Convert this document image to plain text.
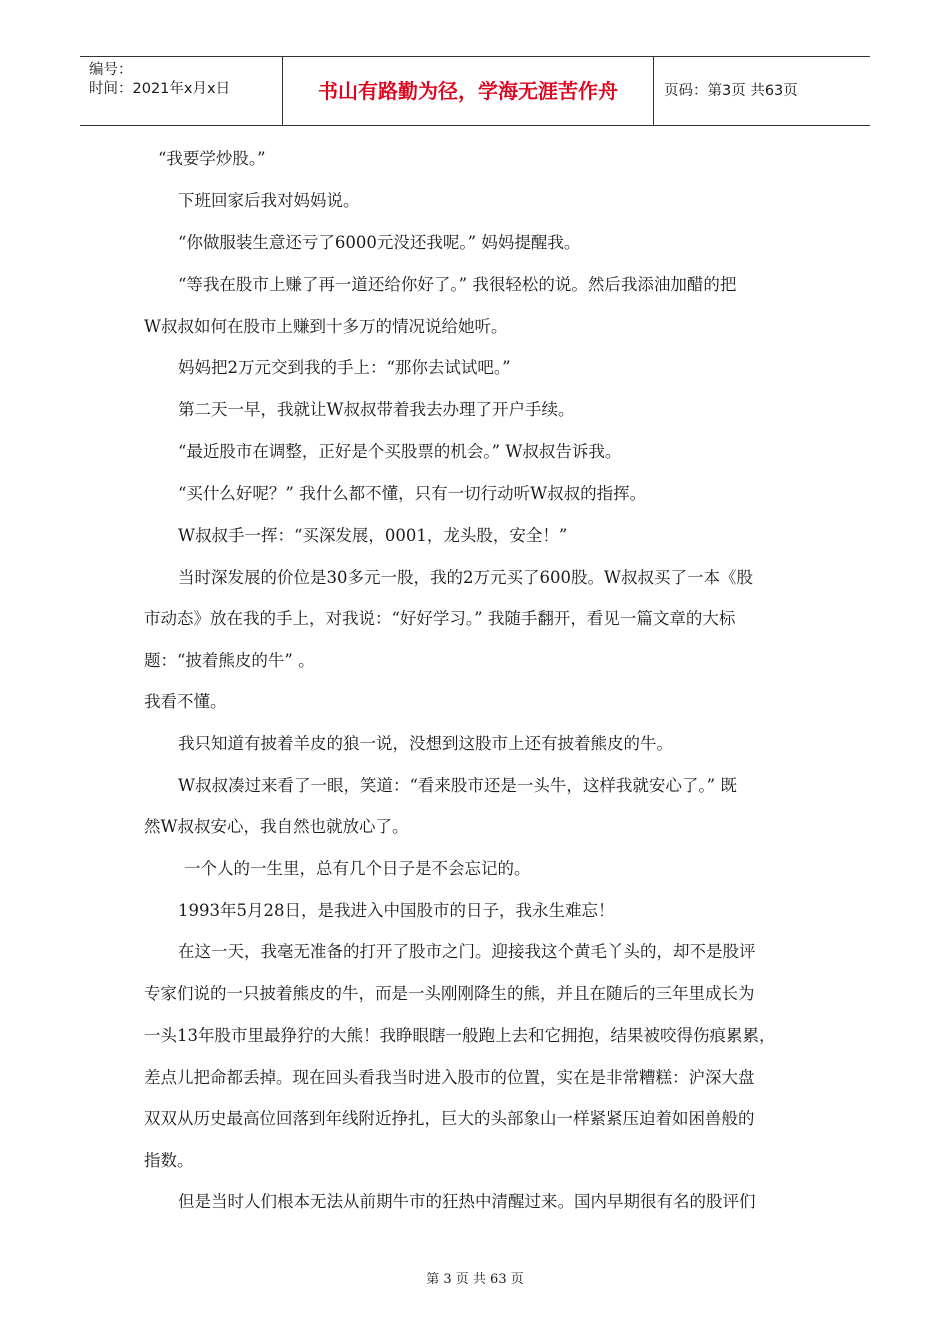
编号：
时间：2021年x月x日	书山有路勤为径，学海无涯苦作舟	页码：第3页 共63页
“我要学炒股。”
下班回家后我对妈妈说。
“你做服装生意还亏了6000元没还我呢。” 妈妈提醒我。
“等我在股市上赚了再一道还给你好了。” 我很轻松的说。然后我添油加醋的把
W叔叔如何在股市上赚到十多万的情况说给她听。
妈妈把2万元交到我的手上：“那你去试试吧。”
第二天一早，我就让W叔叔带着我去办理了开户手续。
“最近股市在调整，正好是个买股票的机会。” W叔叔告诉我。
“买什么好呢？” 我什么都不懂，只有一切行动听W叔叔的指挥。
W叔叔手一挥：“买深发展，0001，龙头股，安全！”
当时深发展的价位是30多元一股，我的2万元买了600股。W叔叔买了一本《股
市动态》放在我的手上，对我说：“好好学习。” 我随手翻开，看见一篇文章的大标
题：“披着熊皮的牛” 。
我看不懂。
我只知道有披着羊皮的狼一说，没想到这股市上还有披着熊皮的牛。
W叔叔凑过来看了一眼，笑道：“看来股市还是一头牛，这样我就安心了。” 既
然W叔叔安心，我自然也就放心了。
一个人的一生里，总有几个日子是不会忘记的。
1993年5月28日，是我进入中国股市的日子，我永生难忘！
在这一天，我毫无准备的打开了股市之门。迎接我这个黄毛丫头的，却不是股评
专家们说的一只披着熊皮的牛，而是一头刚刚降生的熊，并且在随后的三年里成长为
一头13年股市里最狰狞的大熊！我睁眼瞎一般跑上去和它拥抱，结果被咬得伤痕累累，
差点儿把命都丢掉。现在回头看我当时进入股市的位置，实在是非常糟糕：沪深大盘
双双从历史最高位回落到年线附近挣扎，巨大的头部象山一样紧紧压迫着如困兽般的
指数。
但是当时人们根本无法从前期牛市的狂热中清醒过来。国内早期很有名的股评们
第 3 页 共 63 页
